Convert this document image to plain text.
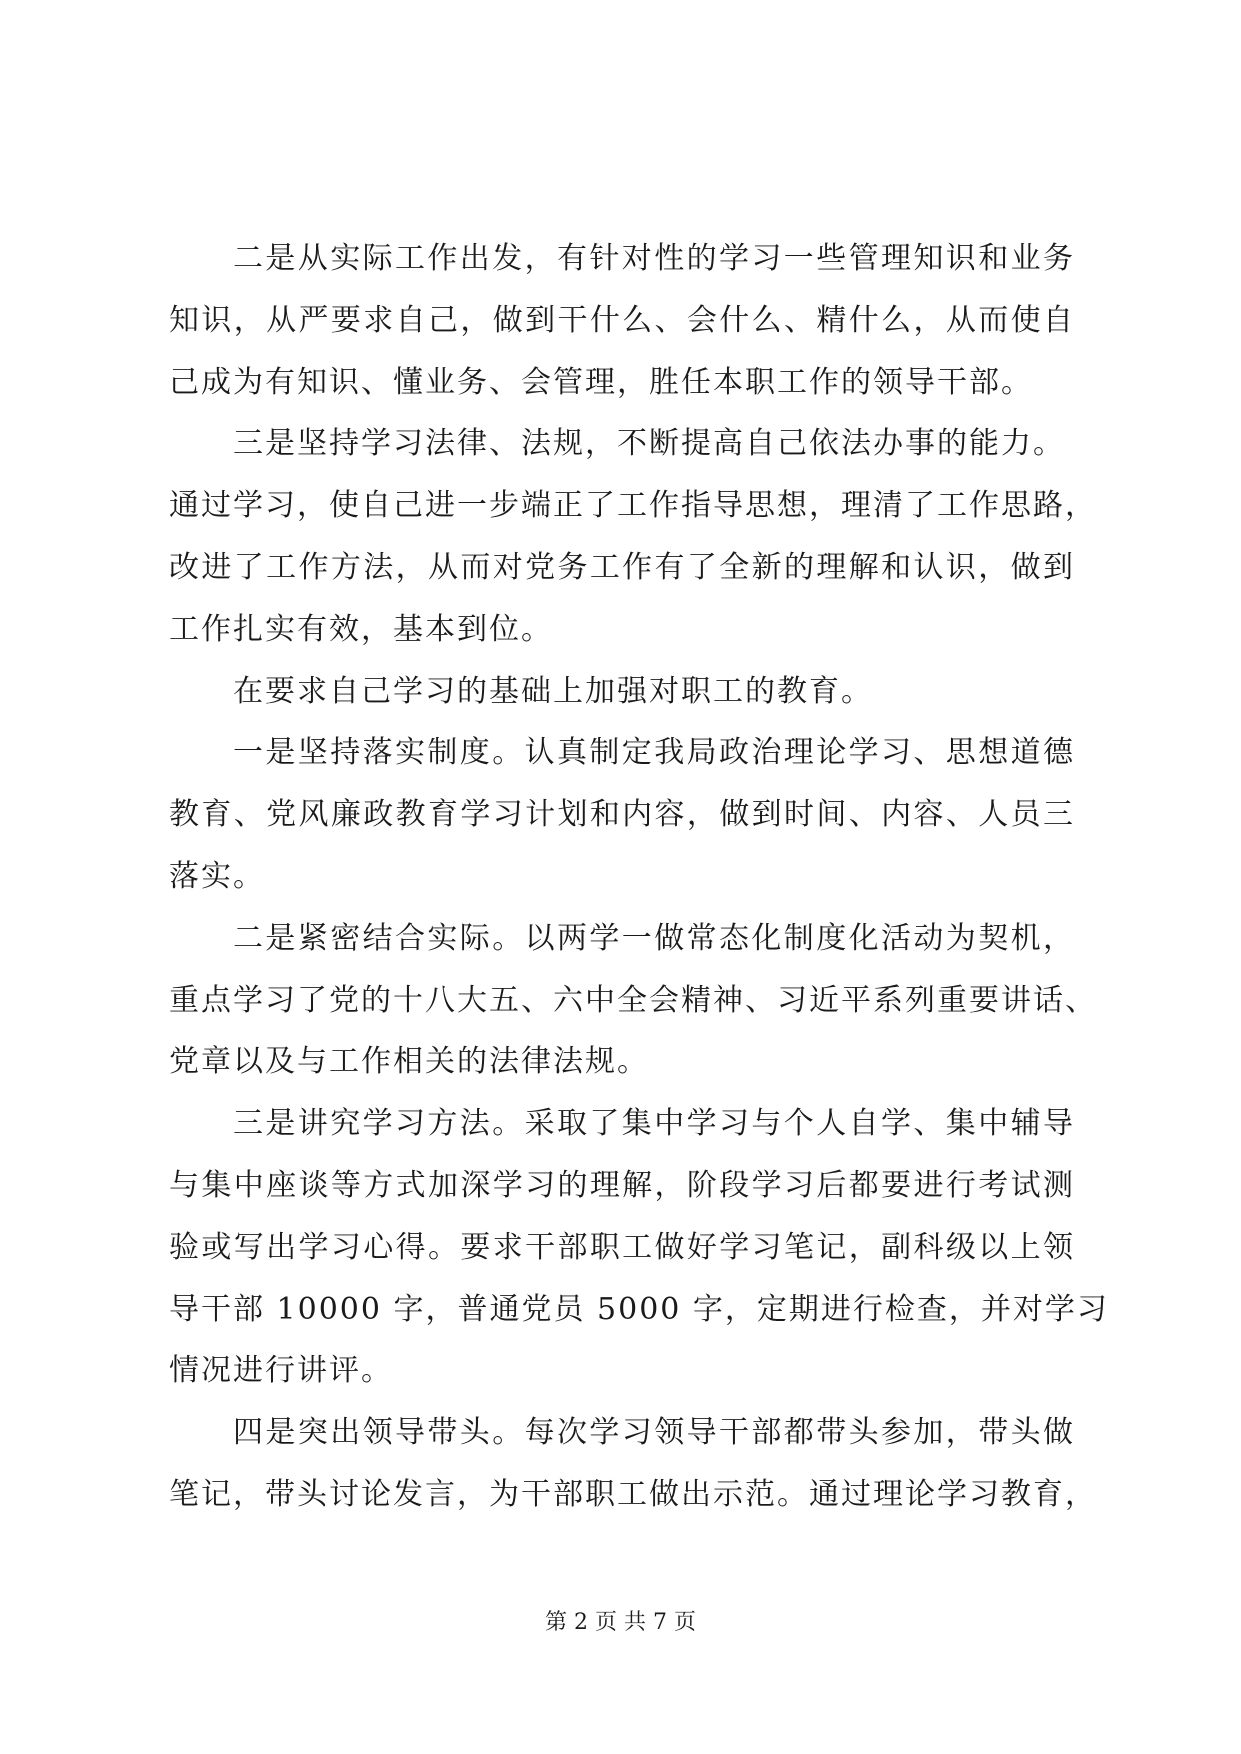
二是从实际工作出发，有针对性的学习一些管理知识和业务
知识，从严要求自己，做到干什么、会什么、精什么，从而使自
己成为有知识、懂业务、会管理，胜任本职工作的领导干部。
三是坚持学习法律、法规，不断提高自己依法办事的能力。
通过学习，使自己进一步端正了工作指导思想，理清了工作思路，
改进了工作方法，从而对党务工作有了全新的理解和认识，做到
工作扎实有效，基本到位。
在要求自己学习的基础上加强对职工的教育。
一是坚持落实制度。认真制定我局政治理论学习、思想道德
教育、党风廉政教育学习计划和内容，做到时间、内容、人员三
落实。
二是紧密结合实际。以两学一做常态化制度化活动为契机，
重点学习了党的十八大五、六中全会精神、习近平系列重要讲话、
党章以及与工作相关的法律法规。
三是讲究学习方法。采取了集中学习与个人自学、集中辅导
与集中座谈等方式加深学习的理解，阶段学习后都要进行考试测
验或写出学习心得。要求干部职工做好学习笔记，副科级以上领
导干部 10000 字，普通党员 5000 字，定期进行检查，并对学习
情况进行讲评。
四是突出领导带头。每次学习领导干部都带头参加，带头做
笔记，带头讨论发言，为干部职工做出示范。通过理论学习教育，
第 2 页 共 7 页
